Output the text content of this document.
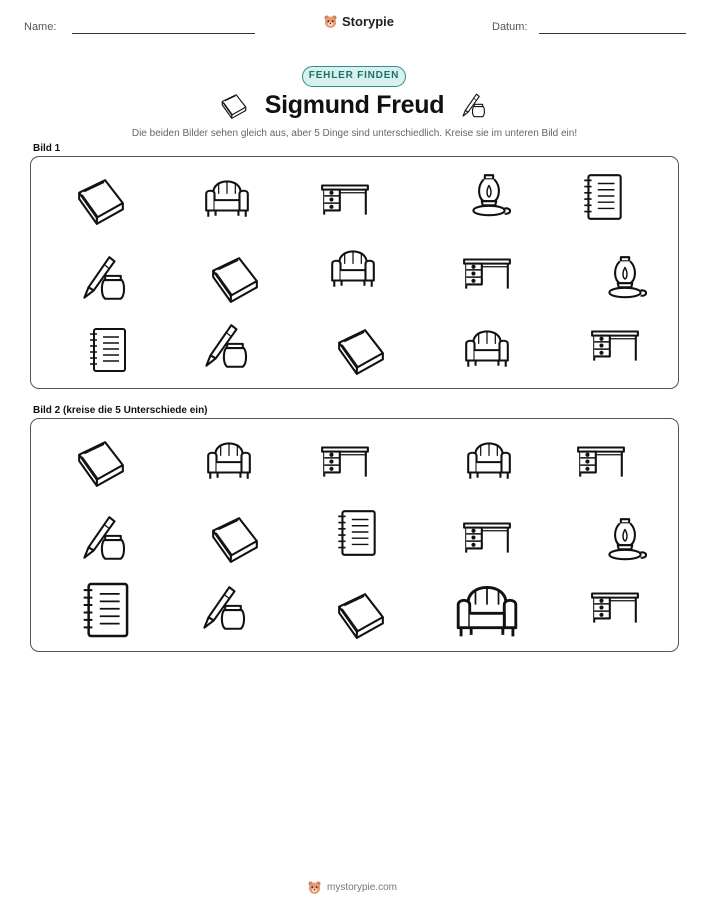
Name:	Storypie	Datum:
FEHLER FINDEN
Sigmund Freud
Die beiden Bilder sehen gleich aus, aber 5 Dinge sind unterschiedlich. Kreise sie im unteren Bild ein!
Bild 1
Bild 2 (kreise die 5 Unterschiede ein)
mystorypie.com
